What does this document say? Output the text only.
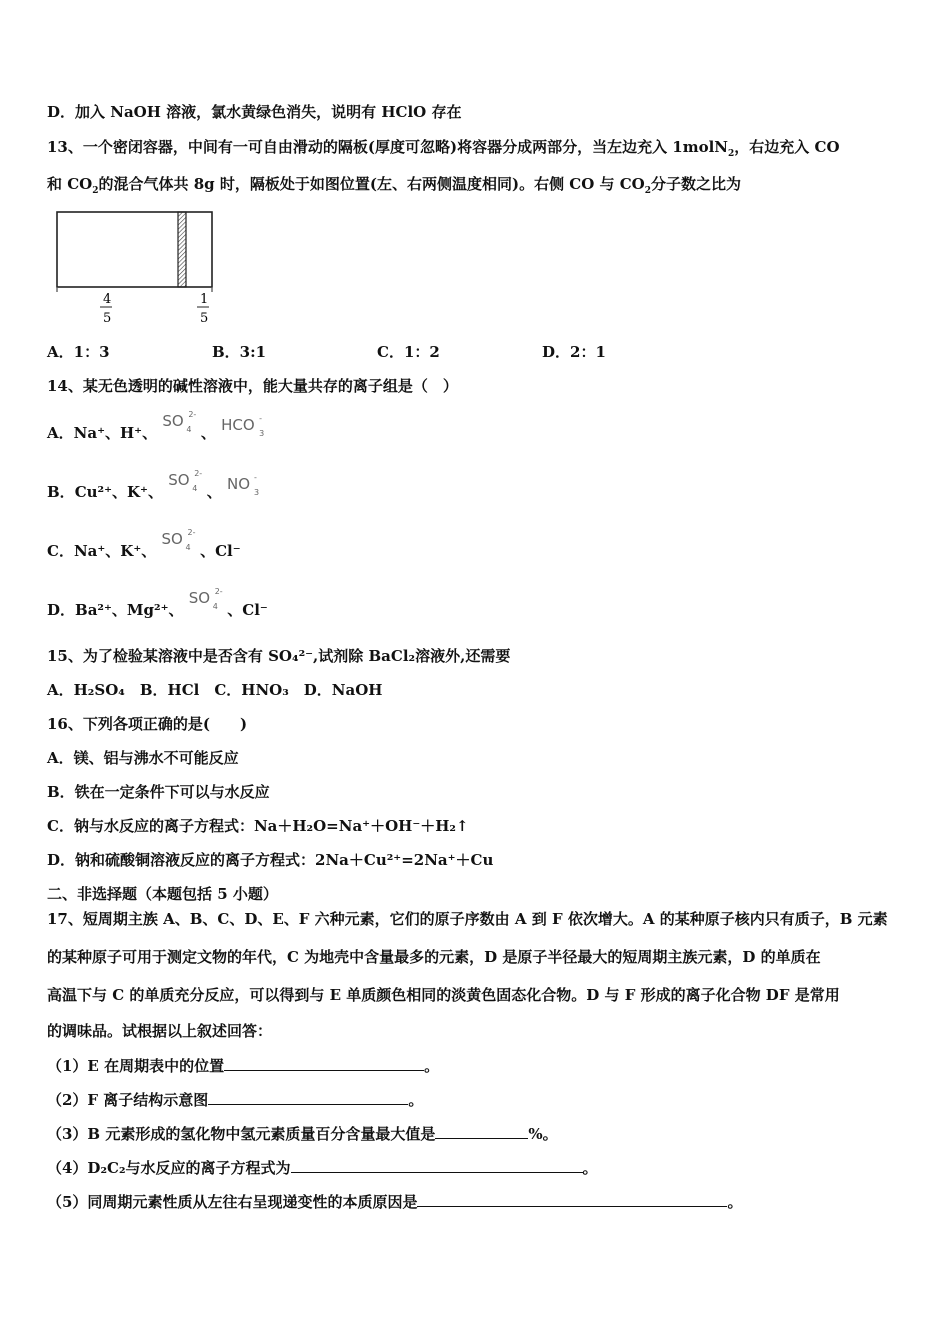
D．加入 NaOH 溶液，氯水黄绿色消失，说明有 HClO 存在
13、一个密闭容器，中间有一可自由滑动的隔板(厚度可忽略)将容器分成两部分，当左边充入 1molN$_2$，右边充入 CO
和 $CO_2$的混合气体共 8g 时，隔板处于如图位置(左、右两侧温度相同)。右侧 CO 与 $CO_2$分子数之比为
4
5
1
5
A．1：3	B．3:1	C．1：2	D．2：1
14、某无色透明的碱性溶液中，能大量共存的离子组是（　）
A．Na⁺、H⁺、 SO 2-
4 、 HCO -
3
B．Cu²⁺、K⁺、 SO 2-
4 、 NO -
3
C．Na⁺、K⁺、 SO 2-
4 、Cl⁻
D．Ba²⁺、Mg²⁺、 SO 2-
4 、Cl⁻
15、为了检验某溶液中是否含有 SO₄²⁻,试剂除 BaCl₂溶液外,还需要
A．H₂SO₄　B．HCl　C．HNO₃　D．NaOH
16、下列各项正确的是(　　)
A．镁、铝与沸水不可能反应
B．铁在一定条件下可以与水反应
C．钠与水反应的离子方程式：Na＋H₂O=Na⁺＋OH⁻＋H₂↑
D．钠和硫酸铜溶液反应的离子方程式：2Na＋Cu²⁺=2Na⁺＋Cu
二、非选择题（本题包括 5 小题）
17、短周期主族 A、B、C、D、E、F 六种元素，它们的原子序数由 A 到 F 依次增大。A 的某种原子核内只有质子，B 元素
的某种原子可用于测定文物的年代，C 为地壳中含量最多的元素，D 是原子半径最大的短周期主族元素，D 的单质在
高温下与 C 的单质充分反应，可以得到与 E 单质颜色相同的淡黄色固态化合物。D 与 F 形成的离子化合物 DF 是常用
的调味品。试根据以上叙述回答：
（1）E 在周期表中的位置	。
（2）F 离子结构示意图	。
（3）B 元素形成的氢化物中氢元素质量百分含量最大值是	%。
（4）D₂C₂与水反应的离子方程式为	。
（5）同周期元素性质从左往右呈现递变性的本质原因是	。
